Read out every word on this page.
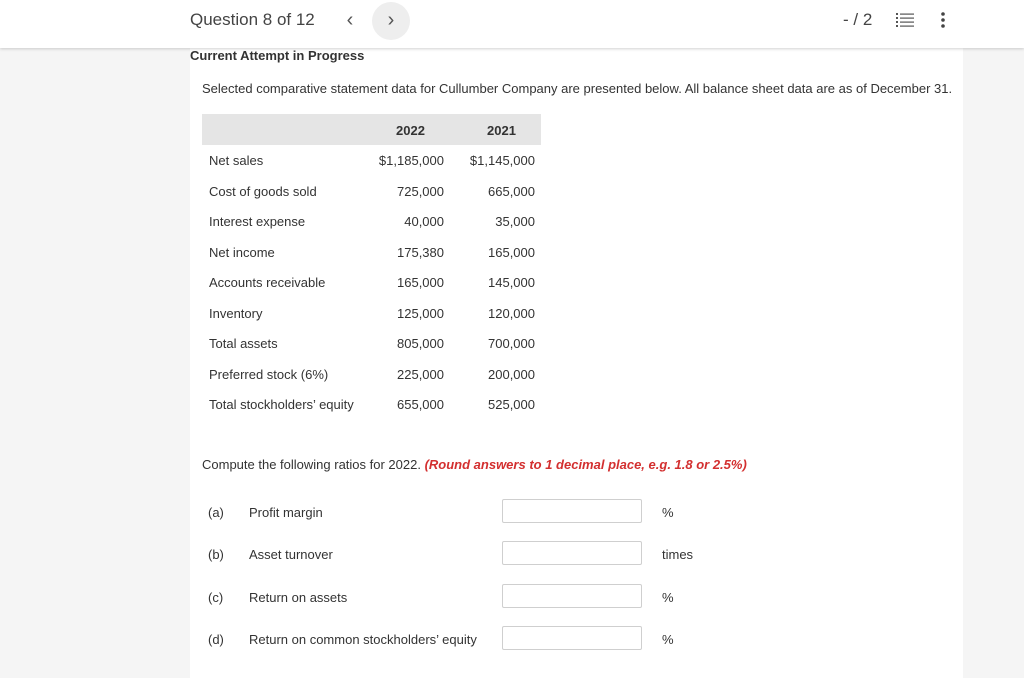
Question 8 of 12	‹	›	- / 2
Current Attempt in Progress
Selected comparative statement data for Cullumber Company are presented below. All balance sheet data are as of December 31.
2022	2021
Net sales	$1,185,000 $1,145,000
Cost of goods sold	725,000	665,000
Interest expense	40,000	35,000
Net income	175,380	165,000
Accounts receivable	165,000	145,000
Inventory	125,000	120,000
Total assets	805,000	700,000
Preferred stock (6%)	225,000	200,000
Total stockholders’ equity	655,000	525,000
Compute the following ratios for 2022. (Round answers to 1 decimal place, e.g. 1.8 or 2.5%)
(a) Profit margin	%
(b) Asset turnover	times
(c) Return on assets	%
(d) Return on common stockholders’ equity	%
